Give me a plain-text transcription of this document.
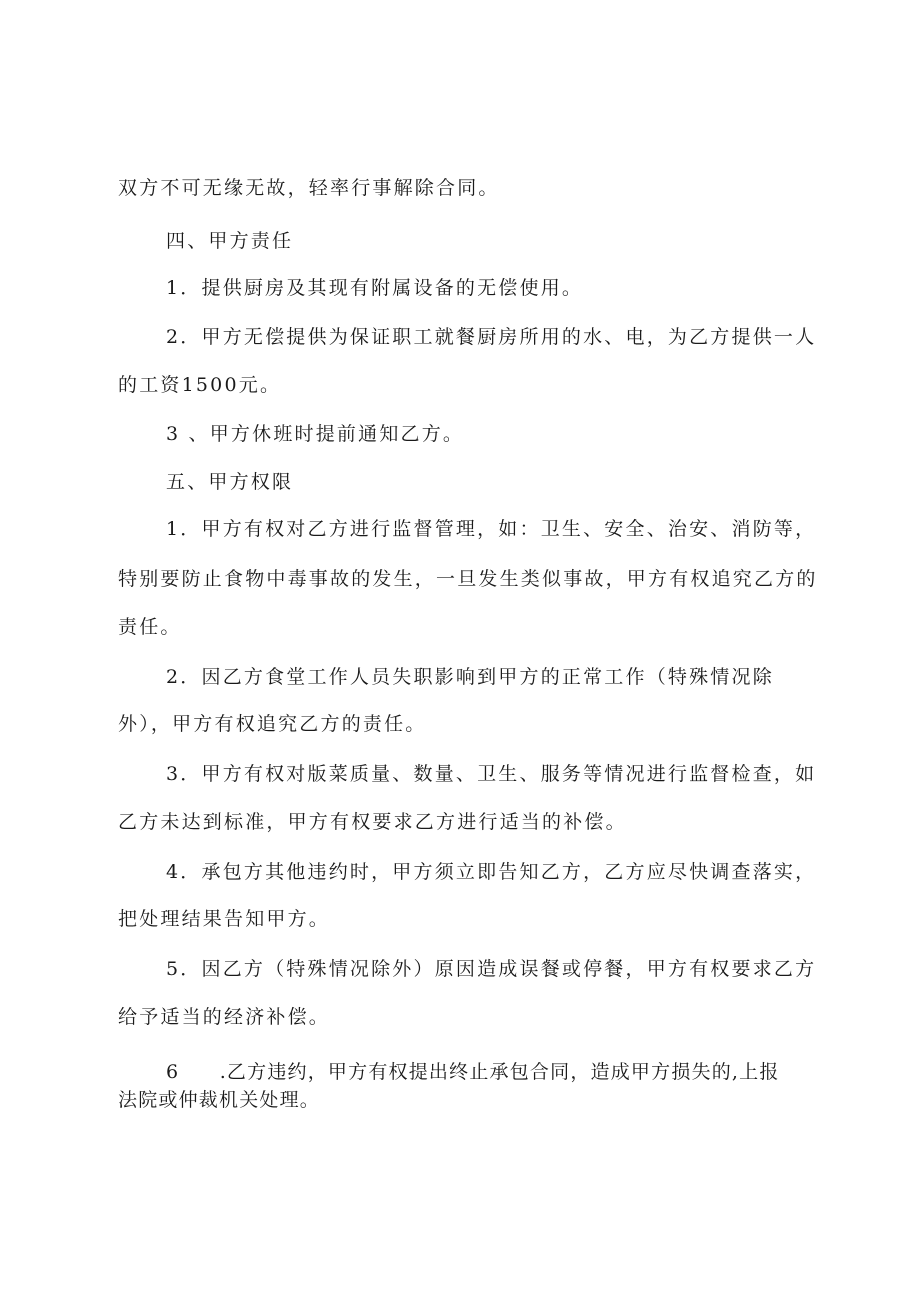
双方不可无缘无故，轻率行事解除合同。
四、甲方责任
1．提供厨房及其现有附属设备的无偿使用。
2．甲方无偿提供为保证职工就餐厨房所用的水、电，为乙方提供一人
的工资1500元。
3 、甲方休班时提前通知乙方。
五、甲方权限
1．甲方有权对乙方进行监督管理，如：卫生、安全、治安、消防等，
特别要防止食物中毒事故的发生，一旦发生类似事故，甲方有权追究乙方的
责任。
2．因乙方食堂工作人员失职影响到甲方的正常工作（特殊情况除
外），甲方有权追究乙方的责任。
3．甲方有权对版菜质量、数量、卫生、服务等情况进行监督检查，如
乙方未达到标准，甲方有权要求乙方进行适当的补偿。
4．承包方其他违约时，甲方须立即告知乙方，乙方应尽快调查落实，
把处理结果告知甲方。
5．因乙方（特殊情况除外）原因造成误餐或停餐，甲方有权要求乙方
给予适当的经济补偿。
6　　.乙方违约，甲方有权提出终止承包合同，造成甲方损失的,上报
法院或仲裁机关处理。
